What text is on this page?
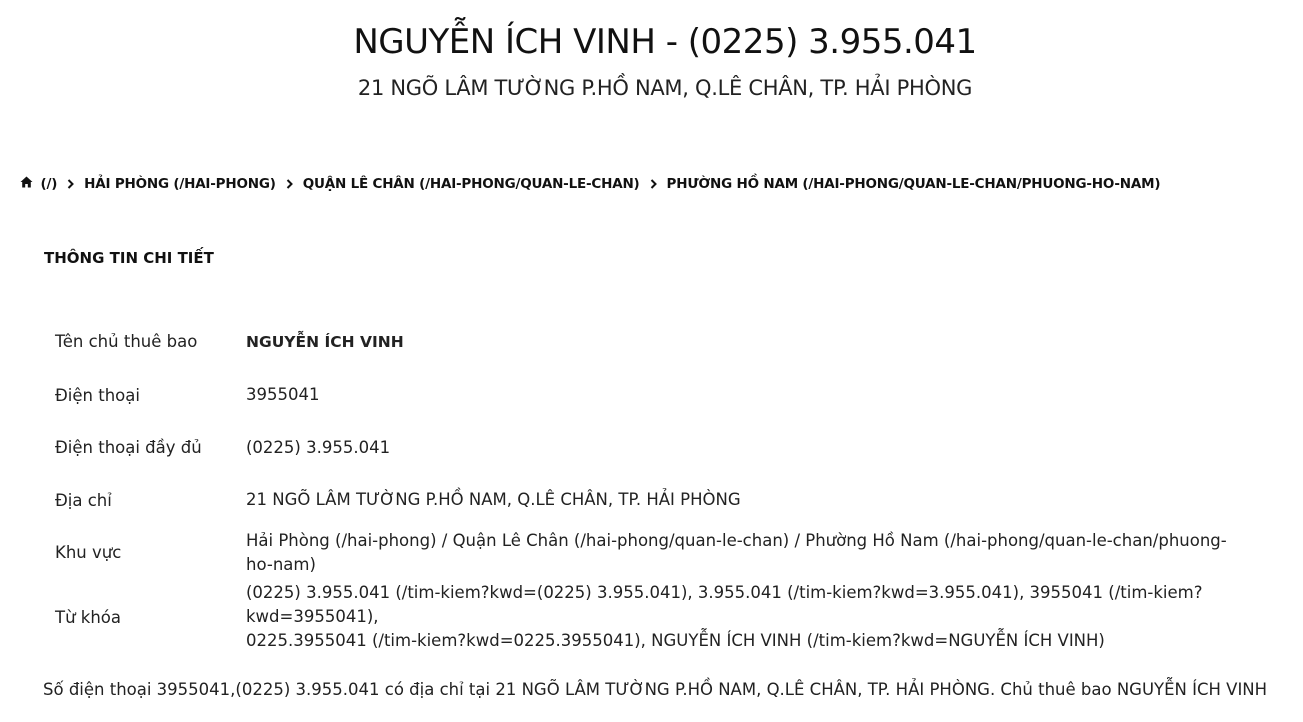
NGUYỄN ÍCH VINH - (0225) 3.955.041
21 NGÕ LÂM TƯỜNG P.HỒ NAM, Q.LÊ CHÂN, TP. HẢI PHÒNG
(/) HẢI PHÒNG (/HAI-PHONG) QUẬN LÊ CHÂN (/HAI-PHONG/QUAN-LE-CHAN) PHƯỜNG HỒ NAM (/HAI-PHONG/QUAN-LE-CHAN/PHUONG-HO-NAM)
THÔNG TIN CHI TIẾT
Tên chủ thuê bao	NGUYỄN ÍCH VINH
Điện thoại	3955041
Điện thoại đầy đủ	(0225) 3.955.041
Địa chỉ	21 NGÕ LÂM TƯỜNG P.HỒ NAM, Q.LÊ CHÂN, TP. HẢI PHÒNG
Khu vực	Hải Phòng (/hai-phong) / Quận Lê Chân (/hai-phong/quan-le-chan) / Phường Hồ Nam (/hai-phong/quan-le-chan/phuong-ho-nam)
Từ khóa	(0225) 3.955.041 (/tim-kiem?kwd=(0225) 3.955.041), 3.955.041 (/tim-kiem?kwd=3.955.041), 3955041 (/tim-kiem?kwd=3955041),
0225.3955041 (/tim-kiem?kwd=0225.3955041), NGUYỄN ÍCH VINH (/tim-kiem?kwd=NGUYỄN ÍCH VINH)
Số điện thoại 3955041,(0225) 3.955.041 có địa chỉ tại 21 NGÕ LÂM TƯỜNG P.HỒ NAM, Q.LÊ CHÂN, TP. HẢI PHÒNG. Chủ thuê bao NGUYỄN ÍCH VINH
